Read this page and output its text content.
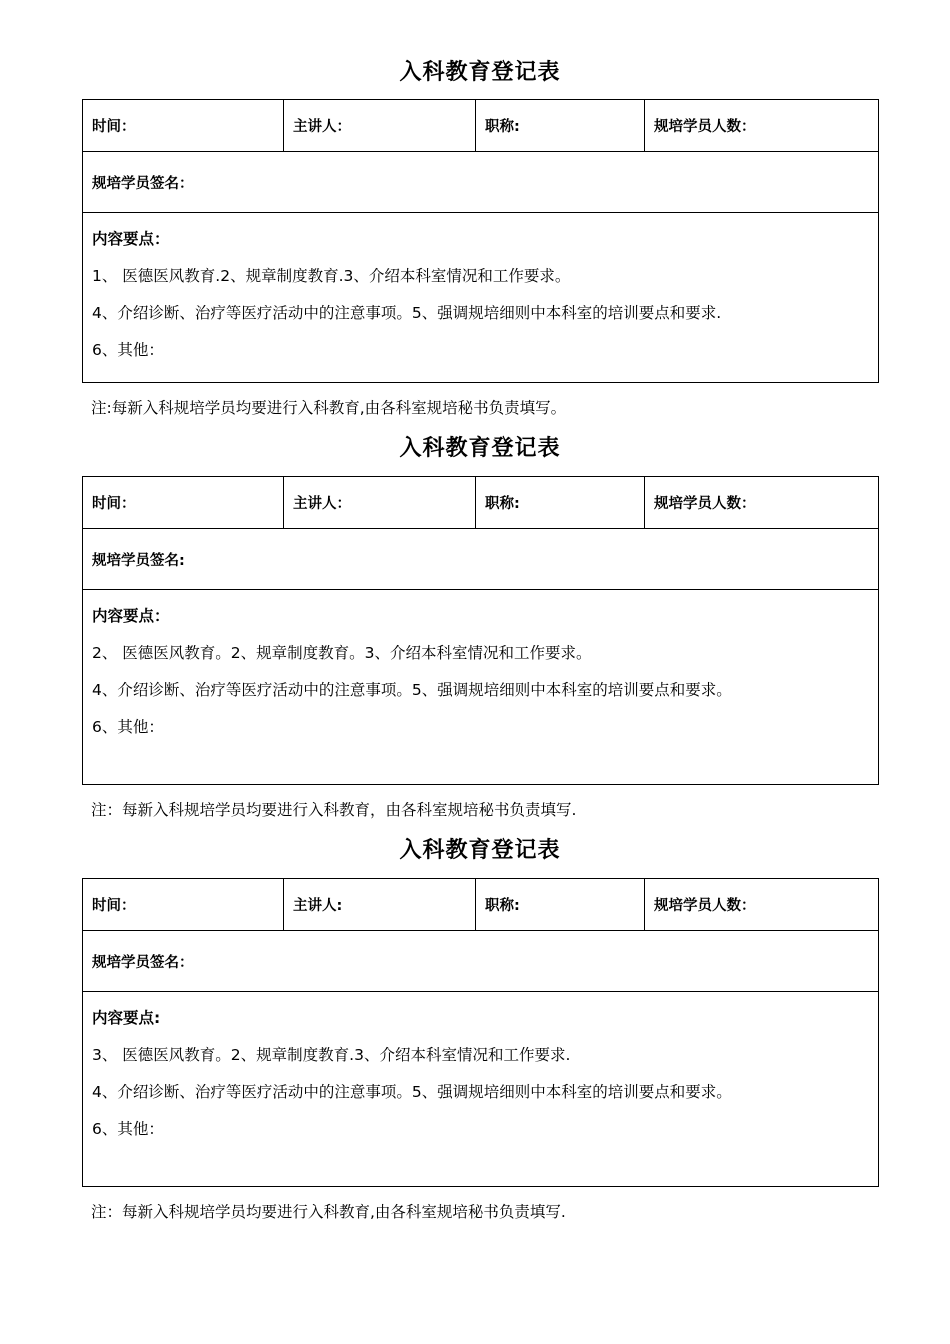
入科教育登记表
时间：	主讲人：	职称:	规培学员人数：
规培学员签名：

内容要点：

1、 医德医风教育.2、规章制度教育.3、介绍本科室情况和工作要求。

4、介绍诊断、治疗等医疗活动中的注意事项。5、强调规培细则中本科室的培训要点和要求.

6、其他：

注:每新入科规培学员均要进行入科教育,由各科室规培秘书负责填写。
入科教育登记表
时间：	主讲人：	职称:	规培学员人数：
规培学员签名:

内容要点：

2、 医德医风教育。2、规章制度教育。3、介绍本科室情况和工作要求。

4、介绍诊断、治疗等医疗活动中的注意事项。5、强调规培细则中本科室的培训要点和要求。

6、其他：

注：每新入科规培学员均要进行入科教育，由各科室规培秘书负责填写.
入科教育登记表
时间：	主讲人:	职称:	规培学员人数：
规培学员签名：

内容要点:

3、 医德医风教育。2、规章制度教育.3、介绍本科室情况和工作要求.

4、介绍诊断、治疗等医疗活动中的注意事项。5、强调规培细则中本科室的培训要点和要求。

6、其他：

注：每新入科规培学员均要进行入科教育,由各科室规培秘书负责填写.
